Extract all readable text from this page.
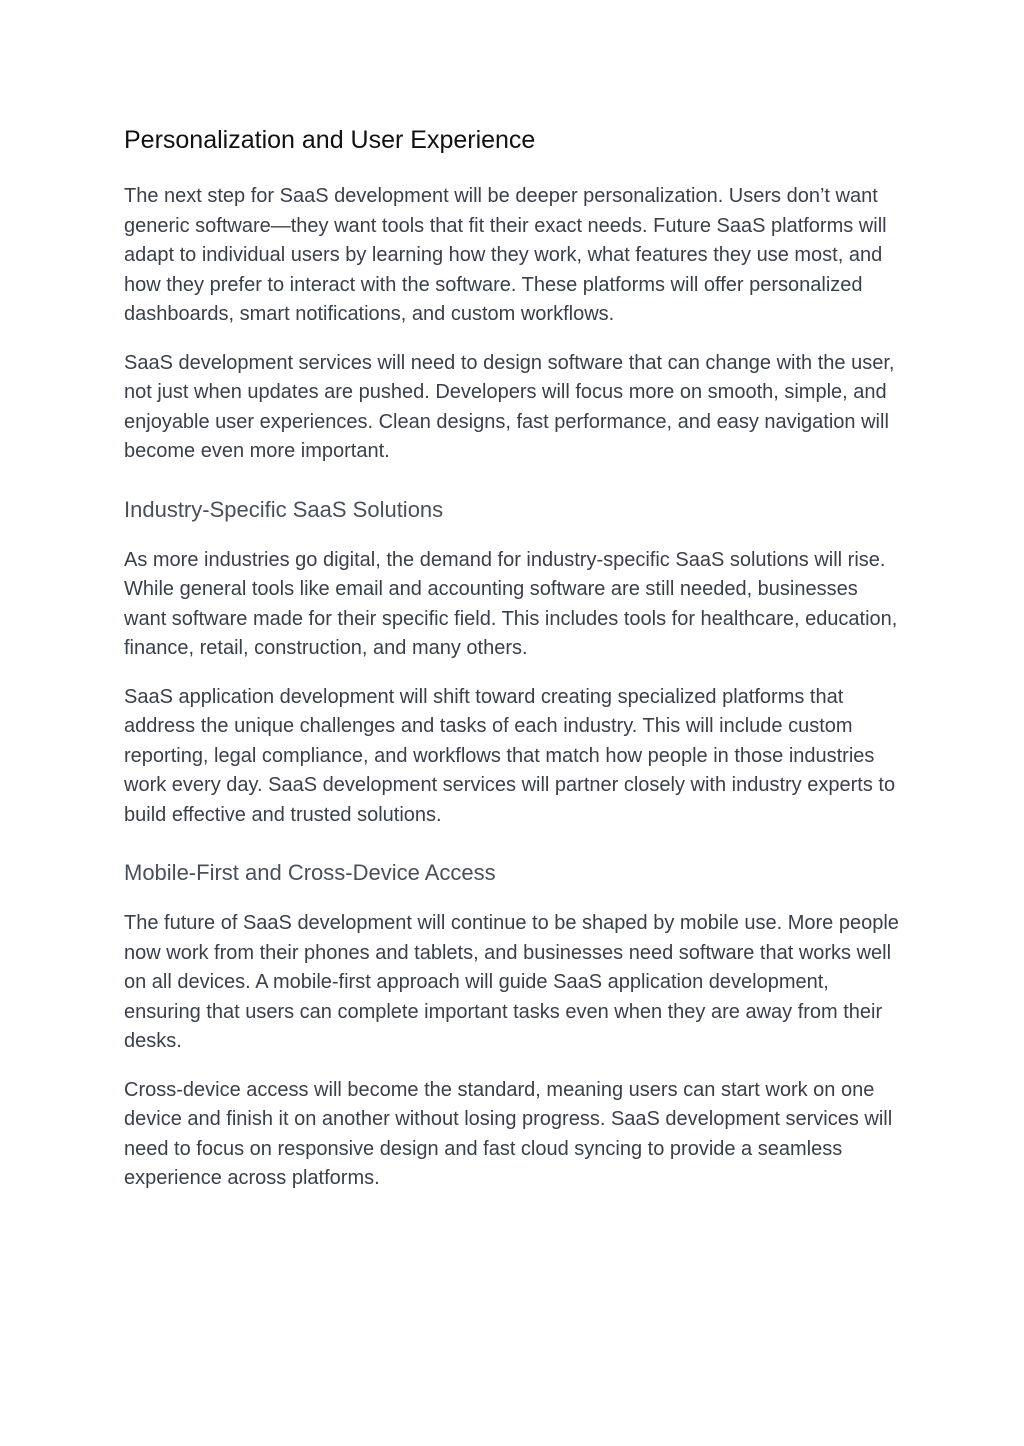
Personalization and User Experience

The next step for SaaS development will be deeper personalization. Users don’t want generic software—they want tools that fit their exact needs. Future SaaS platforms will adapt to individual users by learning how they work, what features they use most, and how they prefer to interact with the software. These platforms will offer personalized dashboards, smart notifications, and custom workflows.

SaaS development services will need to design software that can change with the user, not just when updates are pushed. Developers will focus more on smooth, simple, and enjoyable user experiences. Clean designs, fast performance, and easy navigation will become even more important.

Industry-Specific SaaS Solutions

As more industries go digital, the demand for industry-specific SaaS solutions will rise. While general tools like email and accounting software are still needed, businesses want software made for their specific field. This includes tools for healthcare, education, finance, retail, construction, and many others.

SaaS application development will shift toward creating specialized platforms that address the unique challenges and tasks of each industry. This will include custom reporting, legal compliance, and workflows that match how people in those industries work every day. SaaS development services will partner closely with industry experts to build effective and trusted solutions.

Mobile-First and Cross-Device Access

The future of SaaS development will continue to be shaped by mobile use. More people now work from their phones and tablets, and businesses need software that works well on all devices. A mobile-first approach will guide SaaS application development, ensuring that users can complete important tasks even when they are away from their desks.

Cross-device access will become the standard, meaning users can start work on one device and finish it on another without losing progress. SaaS development services will need to focus on responsive design and fast cloud syncing to provide a seamless experience across platforms.
